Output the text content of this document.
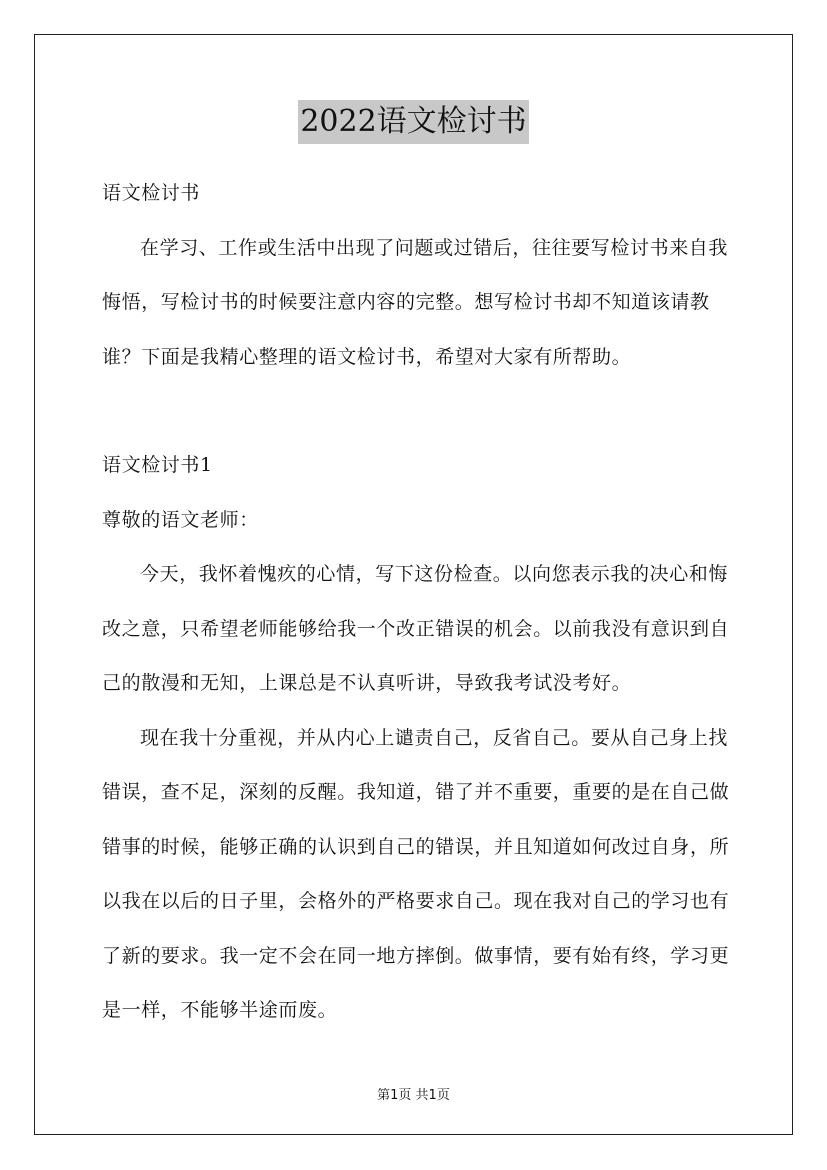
2022语文检讨书

语文检讨书

在学习、工作或生活中出现了问题或过错后，往往要写检讨书来自我悔悟，写检讨书的时候要注意内容的完整。想写检讨书却不知道该请教谁？下面是我精心整理的语文检讨书，希望对大家有所帮助。

语文检讨书1

尊敬的语文老师：

今天，我怀着愧疚的心情，写下这份检查。以向您表示我的决心和悔改之意，只希望老师能够给我一个改正错误的机会。以前我没有意识到自己的散漫和无知，上课总是不认真听讲，导致我考试没考好。

现在我十分重视，并从内心上谴责自己，反省自己。要从自己身上找错误，查不足，深刻的反醒。我知道，错了并不重要，重要的是在自己做错事的时候，能够正确的认识到自己的错误，并且知道如何改过自身，所以我在以后的日子里，会格外的严格要求自己。现在我对自己的学习也有了新的要求。我一定不会在同一地方摔倒。做事情，要有始有终，学习更是一样，不能够半途而废。

第1页 共1页
